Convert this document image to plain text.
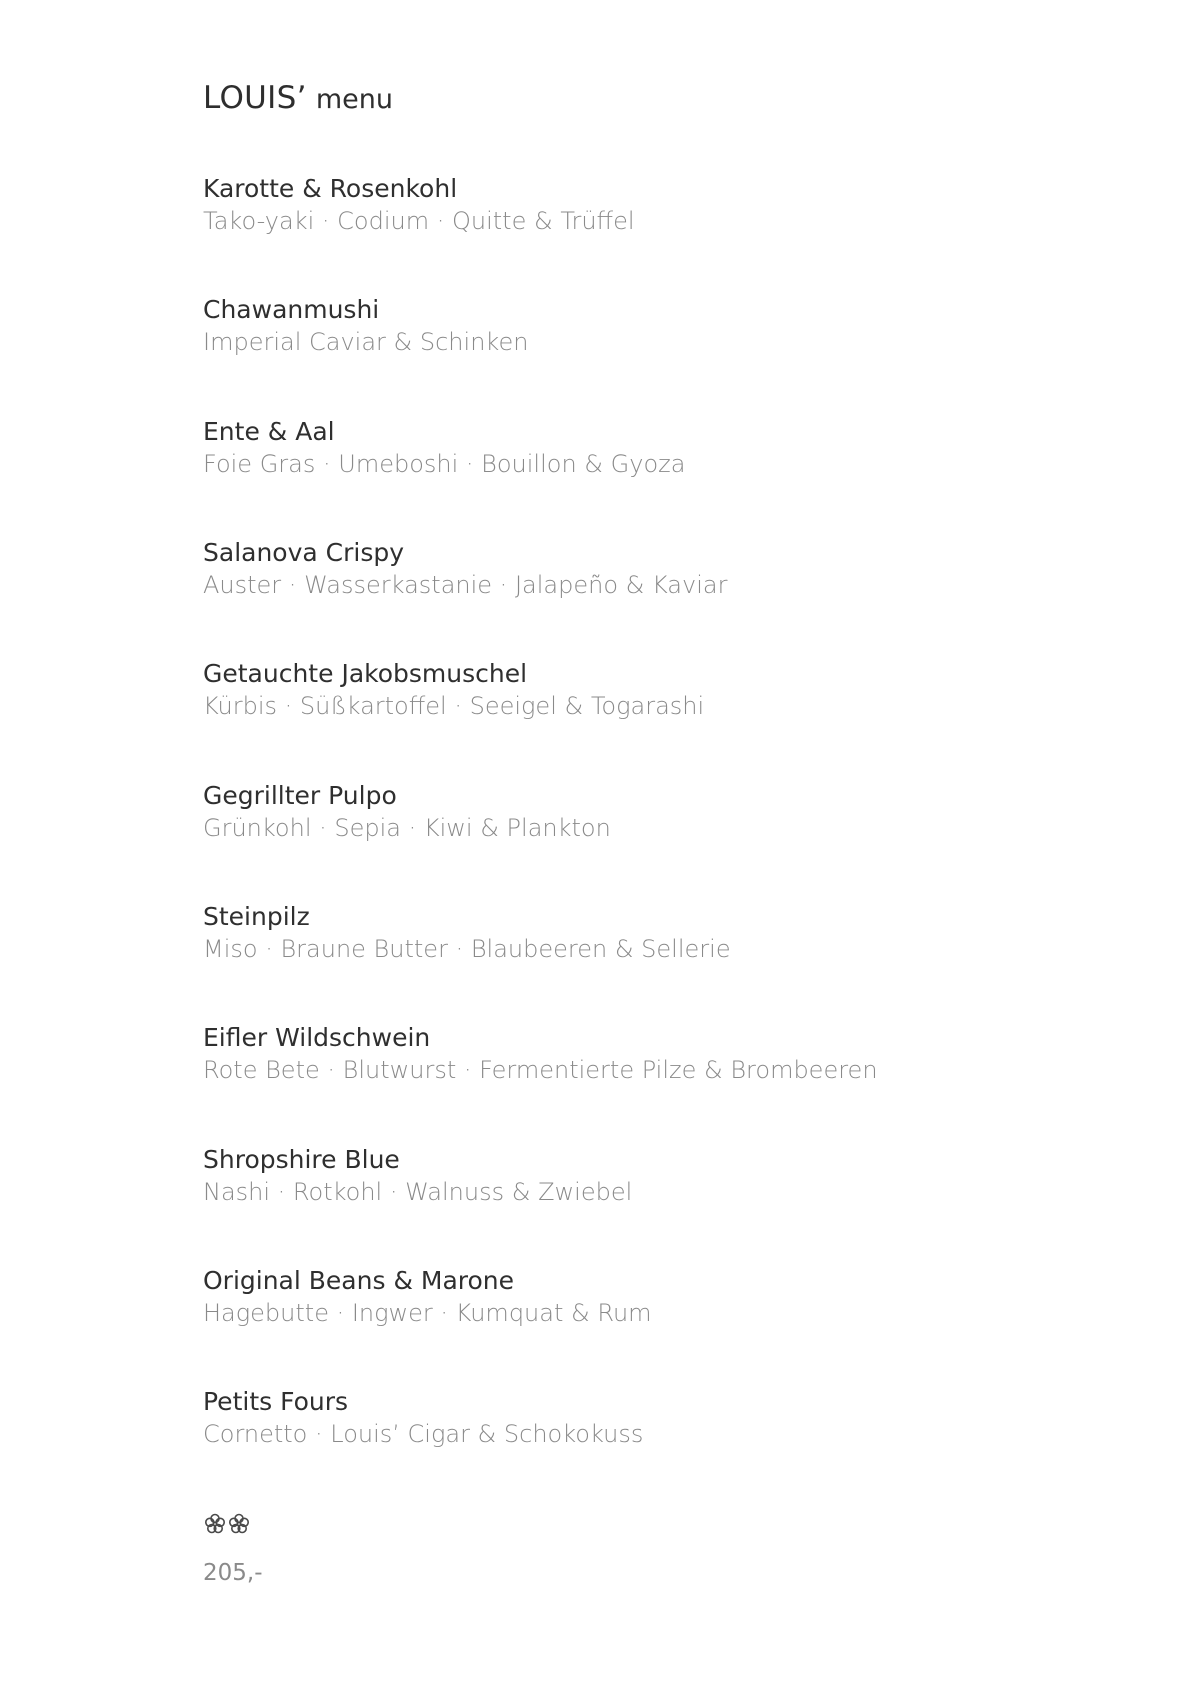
LOUIS’ menu
Karotte & Rosenkohl
Tako-yaki · Codium · Quitte & Trüffel
Chawanmushi
Imperial Caviar & Schinken
Ente & Aal
Foie Gras · Umeboshi · Bouillon & Gyoza
Salanova Crispy
Auster · Wasserkastanie · Jalapeño & Kaviar
Getauchte Jakobsmuschel
Kürbis · Süßkartoffel · Seeigel & Togarashi
Gegrillter Pulpo
Grünkohl · Sepia · Kiwi & Plankton
Steinpilz
Miso · Braune Butter · Blaubeeren & Sellerie
Eifler Wildschwein
Rote Bete · Blutwurst · Fermentierte Pilze & Brombeeren
Shropshire Blue
Nashi · Rotkohl · Walnuss & Zwiebel
Original Beans & Marone
Hagebutte · Ingwer · Kumquat & Rum
Petits Fours
Cornetto · Louis’ Cigar & Schokokuss
205,-
